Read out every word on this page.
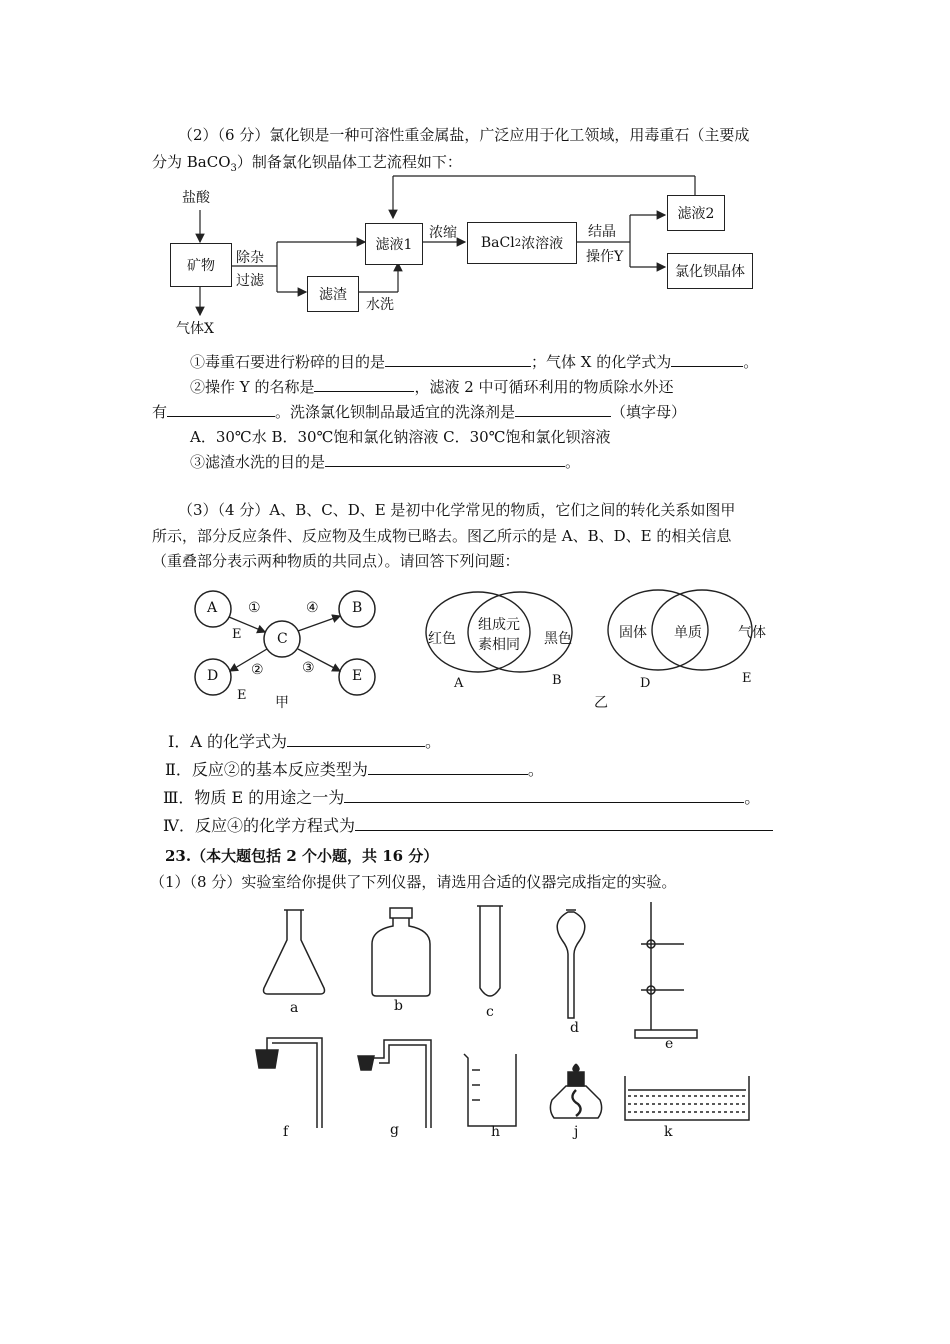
（2）（6 分）氯化钡是一种可溶性重金属盐，广泛应用于化工领域，用毒重石（主要成
分为 BaCO$_3$）制备氯化钡晶体工艺流程如下：
盐酸
矿物
气体X
除杂
过滤
滤液1
滤渣
水洗
浓缩
BaCl 2 浓溶液
结晶
操作Y
滤液2
氯化钡晶体
①毒重石要进行粉碎的目的是	；气体 X 的化学式为	。
②操作 Y 的名称是	，滤液 2 中可循环利用的物质除水外还
有	。洗涤氯化钡制品最适宜的洗涤剂是	（填字母）
A．30℃水 B．30℃饱和氯化钠溶液 C．30℃饱和氯化钡溶液
③滤渣水洗的目的是	。
（3）（4 分）A、B、C、D、E 是初中化学常见的物质，它们之间的转化关系如图甲
所示，部分反应条件、反应物及生成物已略去。图乙所示的是 A、B、D、E 的相关信息
（重叠部分表示两种物质的共同点）。请回答下列问题：
A	B
C
D	E
①	④
②	③
E
E 甲
红色
组成元
素相同 黑色
A	B
固体 单质	气体
D	E
乙
Ⅰ．A 的化学式为	。
Ⅱ．反应②的基本反应类型为	。
Ⅲ．物质 E 的用途之一为	。
Ⅳ．反应④的化学方程式为
23.（本大题包括 2 个小题，共 16 分）
（1）（8 分）实验室给你提供了下列仪器，请选用合适的仪器完成指定的实验。
a	b	c
d
e
f	g	h	j	k
